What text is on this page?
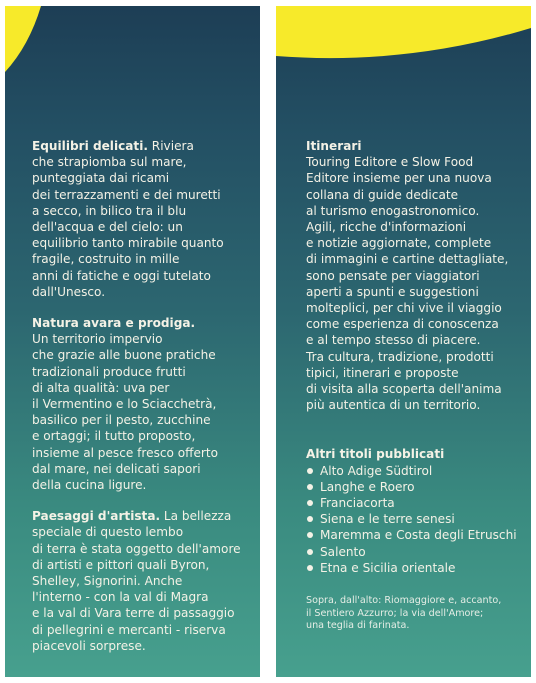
Equilibri delicati. Riviera
che strapiomba sul mare,
punteggiata dai ricami
dei terrazzamenti e dei muretti
a secco, in bilico tra il blu
dell'acqua e del cielo: un
equilibrio tanto mirabile quanto
fragile, costruito in mille
anni di fatiche e oggi tutelato
dall'Unesco.

Natura avara e prodiga.
Un territorio impervio
che grazie alle buone pratiche
tradizionali produce frutti
di alta qualità: uva per
il Vermentino e lo Sciacchetrà,
basilico per il pesto, zucchine
e ortaggi; il tutto proposto,
insieme al pesce fresco offerto
dal mare, nei delicati sapori
della cucina ligure.

Paesaggi d'artista. La bellezza
speciale di questo lembo
di terra è stata oggetto dell'amore
di artisti e pittori quali Byron,
Shelley, Signorini. Anche
l'interno - con la val di Magra
e la val di Vara terre di passaggio
di pellegrini e mercanti - riserva
piacevoli sorprese.

Itinerari
Touring Editore e Slow Food
Editore insieme per una nuova
collana di guide dedicate
al turismo enogastronomico.
Agili, ricche d'informazioni
e notizie aggiornate, complete
di immagini e cartine dettagliate,
sono pensate per viaggiatori
aperti a spunti e suggestioni
molteplici, per chi vive il viaggio
come esperienza di conoscenza
e al tempo stesso di piacere.
Tra cultura, tradizione, prodotti
tipici, itinerari e proposte
di visita alla scoperta dell'anima
più autentica di un territorio.

Altri titoli pubblicati

Alto Adige Südtirol
Langhe e Roero
Franciacorta
Siena e le terre senesi
Maremma e Costa degli Etruschi
Salento
Etna e Sicilia orientale

Sopra, dall'alto: Riomaggiore e, accanto,
il Sentiero Azzurro; la via dell'Amore;
una teglia di farinata.
